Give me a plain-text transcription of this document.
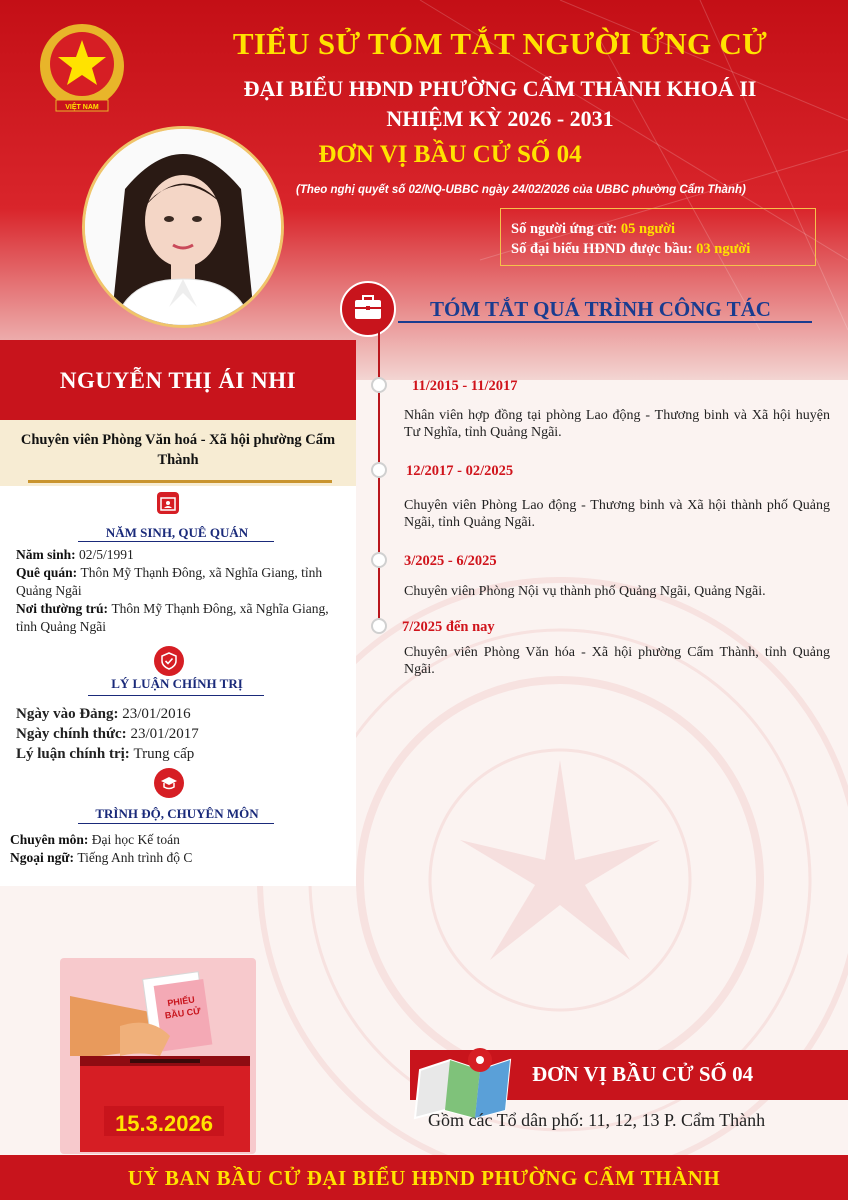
VIỆT NAM
TIỂU SỬ TÓM TẮT NGƯỜI ỨNG CỬ
ĐẠI BIỂU HĐND PHƯỜNG CẨM THÀNH KHOÁ II
NHIỆM KỲ 2026 - 2031
ĐƠN VỊ BẦU CỬ SỐ 04
(Theo nghị quyết số 02/NQ-UBBC ngày 24/02/2026 của UBBC phường Cẩm Thành)
Số người ứng cử: 05 người
Số đại biểu HĐND được bầu: 03 người
NGUYỄN THỊ ÁI NHI
Chuyên viên Phòng Văn hoá - Xã hội phường Cẩm Thành
NĂM SINH, QUÊ QUÁN
Năm sinh: 02/5/1991
Quê quán: Thôn Mỹ Thạnh Đông, xã Nghĩa Giang, tỉnh Quảng Ngãi
Nơi thường trú: Thôn Mỹ Thạnh Đông, xã Nghĩa Giang, tỉnh Quảng Ngãi
LÝ LUẬN CHÍNH TRỊ
Ngày vào Đảng: 23/01/2016
Ngày chính thức: 23/01/2017
Lý luận chính trị: Trung cấp
TRÌNH ĐỘ, CHUYÊN MÔN
Chuyên môn: Đại học Kế toán
Ngoại ngữ: Tiếng Anh trình độ C
TÓM TẮT QUÁ TRÌNH CÔNG TÁC
11/2015 - 11/2017
Nhân viên hợp đồng tại phòng Lao động - Thương binh và Xã hội huyện Tư Nghĩa, tỉnh Quảng Ngãi.
12/2017 - 02/2025
Chuyên viên Phòng Lao động - Thương binh và Xã hội thành phố Quảng Ngãi, tỉnh Quảng Ngãi.
3/2025 - 6/2025
Chuyên viên Phòng Nội vụ thành phố Quảng Ngãi, Quảng Ngãi.
7/2025 đến nay
Chuyên viên Phòng Văn hóa - Xã hội phường Cẩm Thành, tỉnh Quảng Ngãi.
PHIẾU
BẦU CỬ
15.3.2026
ĐƠN VỊ BẦU CỬ SỐ 04
Gồm các Tổ dân phố: 11, 12, 13 P. Cẩm Thành
UỶ BAN BẦU CỬ ĐẠI BIỂU HĐND PHƯỜNG CẨM THÀNH
